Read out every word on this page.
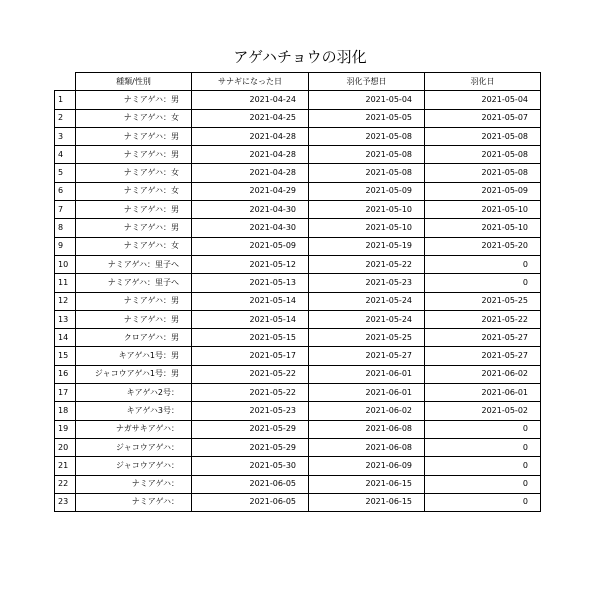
アゲハチョウの羽化
	種類/性別	サナギになった日	羽化予想日	羽化日
1	ナミアゲハ：男	2021-04-24	2021-05-04	2021-05-04
2	ナミアゲハ：女	2021-04-25	2021-05-05	2021-05-07
3	ナミアゲハ：男	2021-04-28	2021-05-08	2021-05-08
4	ナミアゲハ：男	2021-04-28	2021-05-08	2021-05-08
5	ナミアゲハ：女	2021-04-28	2021-05-08	2021-05-08
6	ナミアゲハ：女	2021-04-29	2021-05-09	2021-05-09
7	ナミアゲハ：男	2021-04-30	2021-05-10	2021-05-10
8	ナミアゲハ：男	2021-04-30	2021-05-10	2021-05-10
9	ナミアゲハ：女	2021-05-09	2021-05-19	2021-05-20
10	ナミアゲハ：里子へ	2021-05-12	2021-05-22	0
11	ナミアゲハ：里子へ	2021-05-13	2021-05-23	0
12	ナミアゲハ：男	2021-05-14	2021-05-24	2021-05-25
13	ナミアゲハ：男	2021-05-14	2021-05-24	2021-05-22
14	クロアゲハ：男	2021-05-15	2021-05-25	2021-05-27
15	キアゲハ1号：男	2021-05-17	2021-05-27	2021-05-27
16	ジャコウアゲハ1号：男	2021-05-22	2021-06-01	2021-06-02
17	キアゲハ2号：	2021-05-22	2021-06-01	2021-06-01
18	キアゲハ3号：	2021-05-23	2021-06-02	2021-05-02
19	ナガサキアゲハ：	2021-05-29	2021-06-08	0
20	ジャコウアゲハ：	2021-05-29	2021-06-08	0
21	ジャコウアゲハ：	2021-05-30	2021-06-09	0
22	ナミアゲハ：	2021-06-05	2021-06-15	0
23	ナミアゲハ：	2021-06-05	2021-06-15	0
